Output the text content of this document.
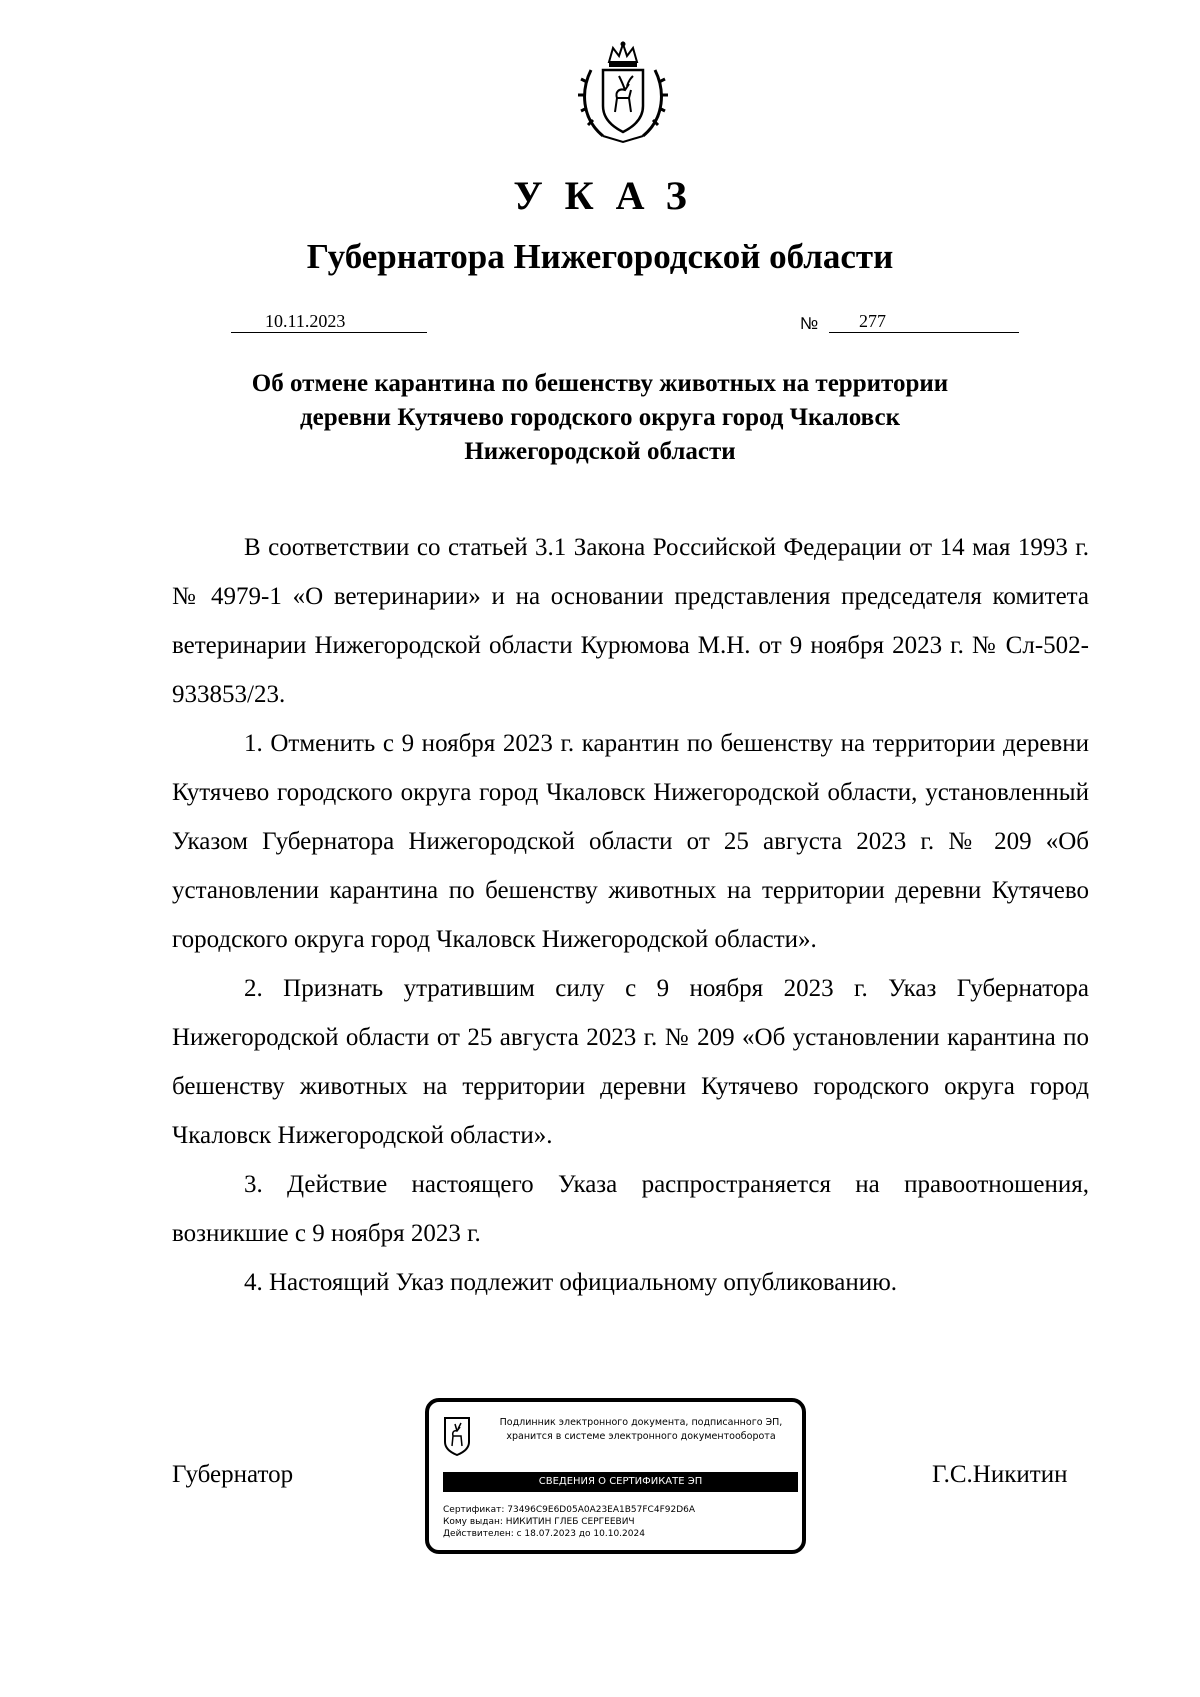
УКАЗ
Губернатора Нижегородской области
10.11.2023	№	277
Об отмене карантина по бешенству животных на территории
деревни Кутячево городского округа город Чкаловск
Нижегородской области

В соответствии со статьей 3.1 Закона Российской Федерации от 14 мая 1993 г. № 4979-1 «О ветеринарии» и на основании представления председателя комитета ветеринарии Нижегородской области Курюмова М.Н. от 9 ноября 2023 г. № Сл-502-933853/23.

1. Отменить с 9 ноября 2023 г. карантин по бешенству на территории деревни Кутячево городского округа город Чкаловск Нижегородской области, установленный Указом Губернатора Нижегородской области от 25 августа 2023 г. № 209 «Об установлении карантина по бешенству животных на территории деревни Кутячево городского округа город Чкаловск Нижегородской области».

2. Признать утратившим силу с 9 ноября 2023 г. Указ Губернатора Нижегородской области от 25 августа 2023 г. № 209 «Об установлении карантина по бешенству животных на территории деревни Кутячево городского округа город Чкаловск Нижегородской области».

3. Действие настоящего Указа распространяется на правоотношения, возникшие с 9 ноября 2023 г.

4. Настоящий Указ подлежит официальному опубликованию.

Губернатор	Г.С.Никитин
Подлинник электронного документа, подписанного ЭП,
хранится в системе электронного документооборота
СВЕДЕНИЯ О СЕРТИФИКАТЕ ЭП
Сертификат: 73496C9E6D05A0A23EA1B57FC4F92D6A
Кому выдан: НИКИТИН ГЛЕБ СЕРГЕЕВИЧ
Действителен: с 18.07.2023 до 10.10.2024
